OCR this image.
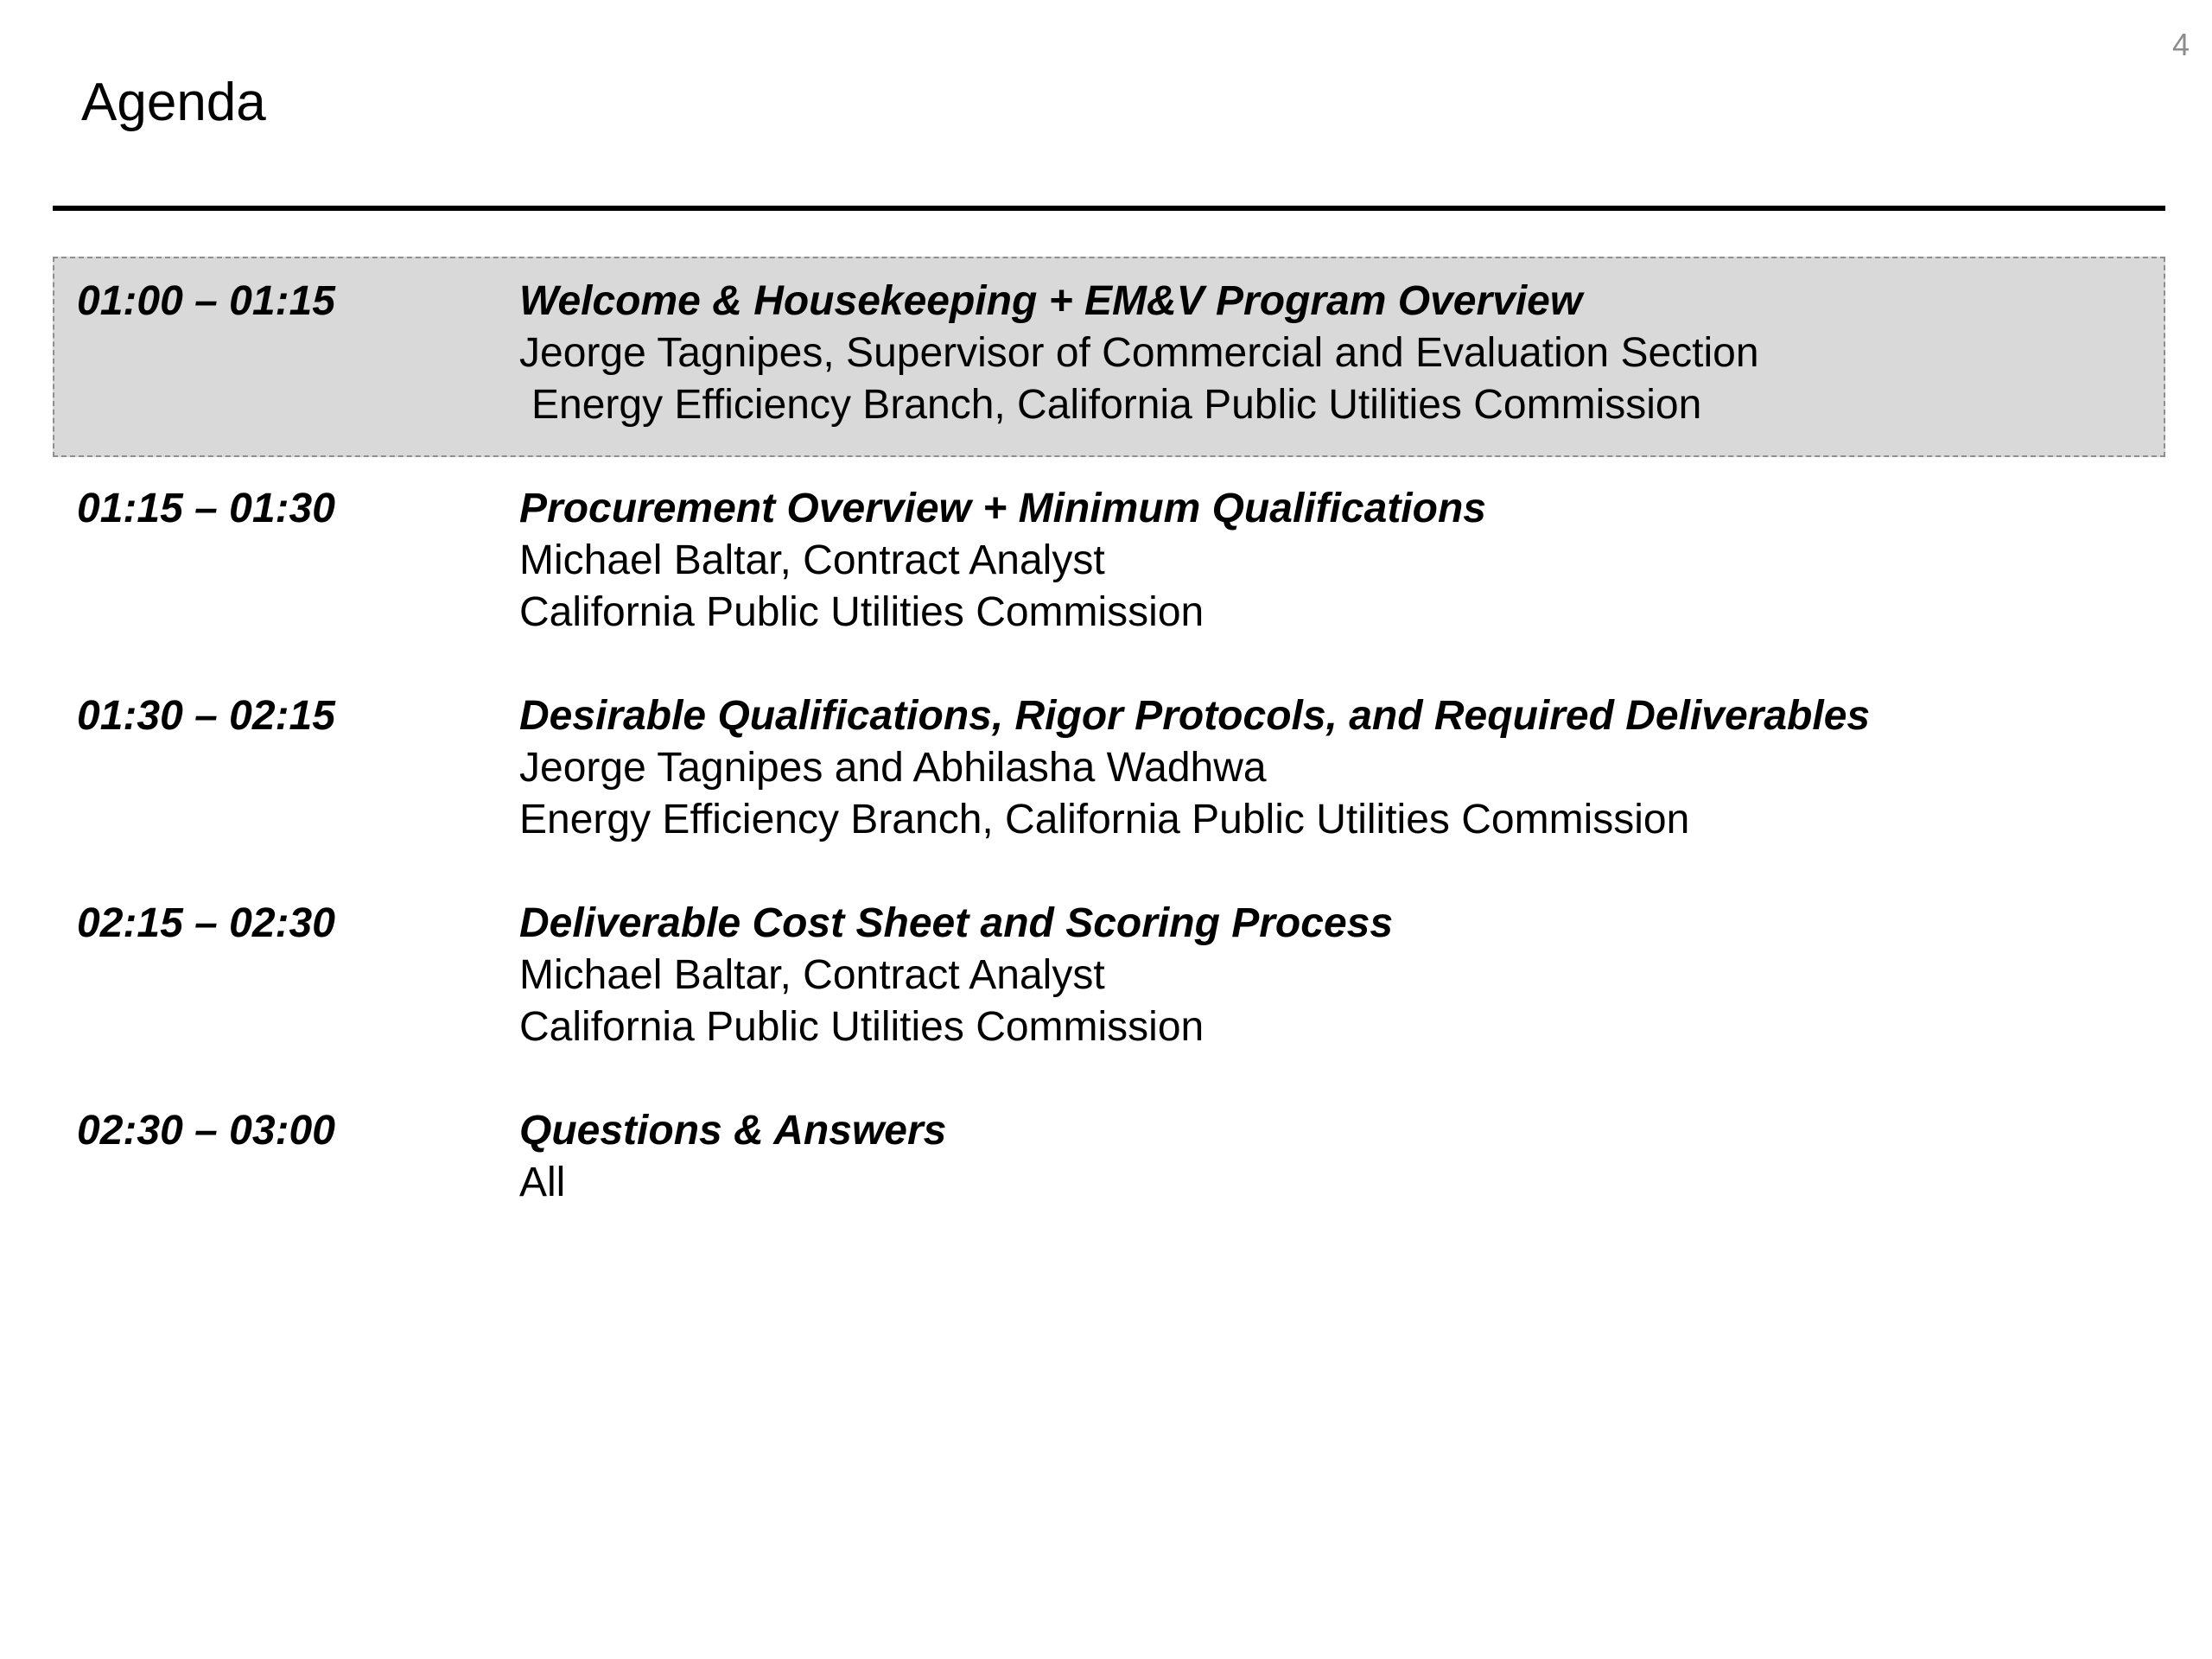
4
Agenda
01:00 – 01:15	Welcome & Housekeeping + EM&V Program Overview
Jeorge Tagnipes, Supervisor of Commercial and Evaluation Section
Energy Efficiency Branch, California Public Utilities Commission
01:15 – 01:30	Procurement Overview + Minimum Qualifications
Michael Baltar, Contract Analyst
California Public Utilities Commission
01:30 – 02:15	Desirable Qualifications, Rigor Protocols, and Required Deliverables
Jeorge Tagnipes and Abhilasha Wadhwa
Energy Efficiency Branch, California Public Utilities Commission
02:15 – 02:30	Deliverable Cost Sheet and Scoring Process
Michael Baltar, Contract Analyst
California Public Utilities Commission
02:30 – 03:00	Questions & Answers
All
